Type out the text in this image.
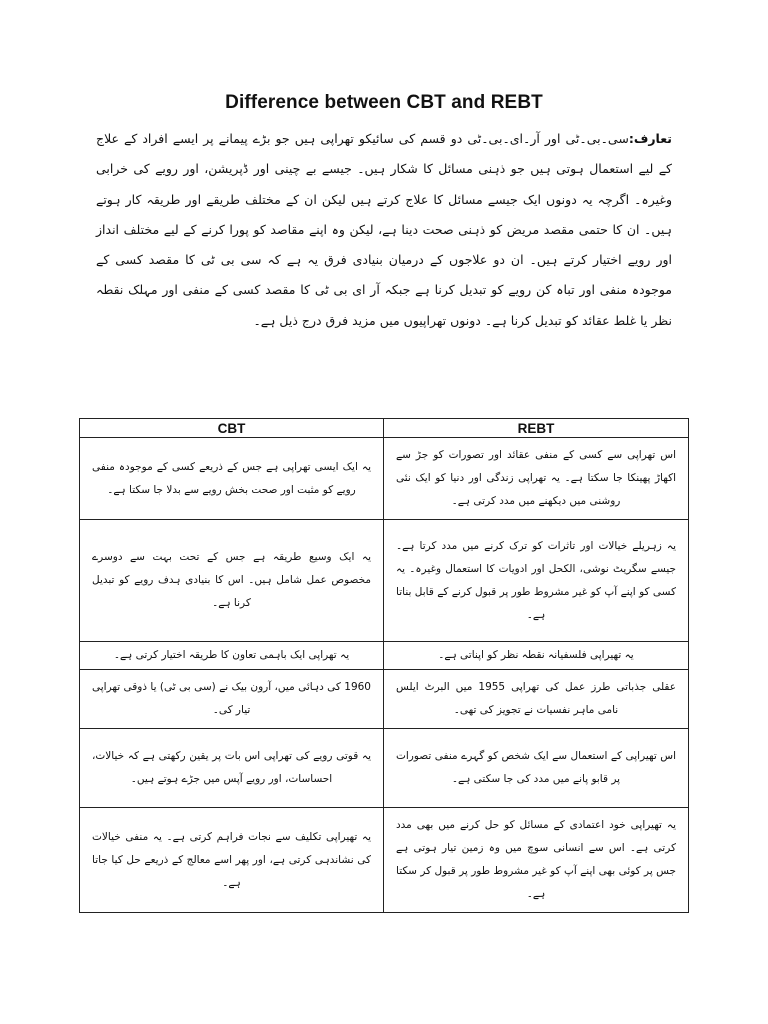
Difference between CBT and REBT
تعارف:سی۔بی۔ٹی اور آر۔ای۔بی۔ٹی دو قسم کی سائیکو تھراپی ہیں جو بڑے پیمانے پر ایسے افراد کے علاج کے لیے استعمال ہوتی ہیں جو ذہنی مسائل کا شکار ہیں۔ جیسے بے چینی اور ڈپریشن، اور رویے کی خرابی وغیرہ۔ اگرچہ یہ دونوں ایک جیسے مسائل کا علاج کرتے ہیں لیکن ان کے مختلف طریقے اور طریقہ کار ہوتے ہیں۔ ان کا حتمی مقصد مریض کو ذہنی صحت دینا ہے، لیکن وہ اپنے مقاصد کو پورا کرنے کے لیے مختلف انداز اور رویے اختیار کرتے ہیں۔ ان دو علاجوں کے درمیان بنیادی فرق یہ ہے کہ سی بی ٹی کا مقصد کسی کے موجودہ منفی اور تباہ کن رویے کو تبدیل کرنا ہے جبکہ آر ای بی ٹی کا مقصد کسی کے منفی اور مہلک نقطہ نظر یا غلط عقائد کو تبدیل کرنا ہے۔ دونوں تھراپیوں میں مزید فرق درج ذیل ہے۔
CBT	REBT
یہ ایک ایسی تھراپی ہے جس کے ذریعے کسی کے موجودہ منفی رویے کو مثبت اور صحت بخش رویے سے بدلا جا سکتا ہے۔	اس تھراپی سے کسی کے منفی عقائد اور تصورات کو جڑ سے اکھاڑ پھینکا جا سکتا ہے۔ یہ تھراپی زندگی اور دنیا کو ایک نئی روشنی میں دیکھنے میں مدد کرتی ہے۔
یہ ایک وسیع طریقہ ہے جس کے تحت بہت سے دوسرے مخصوص عمل شامل ہیں۔ اس کا بنیادی ہدف رویے کو تبدیل کرنا ہے۔	یہ زہریلے خیالات اور تاثرات کو ترک کرنے میں مدد کرتا ہے۔ جیسے سگریٹ نوشی، الکحل اور ادویات کا استعمال وغیرہ۔ یہ کسی کو اپنے آپ کو غیر مشروط طور پر قبول کرنے کے قابل بناتا ہے۔
یہ تھراپی ایک باہمی تعاون کا طریقہ اختیار کرتی ہے۔	یہ تھیراپی فلسفیانہ نقطہ نظر کو اپناتی ہے۔
1960 کی دہائی میں، آرون بیک نے (سی بی ٹی) یا ذوقی تھراپی تیار کی۔	عقلی جذباتی طرز عمل کی تھراپی 1955 میں البرٹ ایلس نامی ماہر نفسیات نے تجویز کی تھی۔
یہ قوتی رویے کی تھراپی اس بات پر یقین رکھتی ہے کہ خیالات، احساسات، اور رویے آپس میں جڑے ہوتے ہیں۔	اس تھیراپی کے استعمال سے ایک شخص کو گہرے منفی تصورات پر قابو پانے میں مدد کی جا سکتی ہے۔
یہ تھیراپی تکلیف سے نجات فراہم کرتی ہے۔ یہ منفی خیالات کی نشاندہی کرتی ہے، اور پھر اسے معالج کے ذریعے حل کیا جاتا ہے۔	یہ تھیراپی خود اعتمادی کے مسائل کو حل کرنے میں بھی مدد کرتی ہے۔ اس سے انسانی سوچ میں وہ زمین تیار ہوتی ہے جس پر کوئی بھی اپنے آپ کو غیر مشروط طور پر قبول کر سکتا ہے۔
